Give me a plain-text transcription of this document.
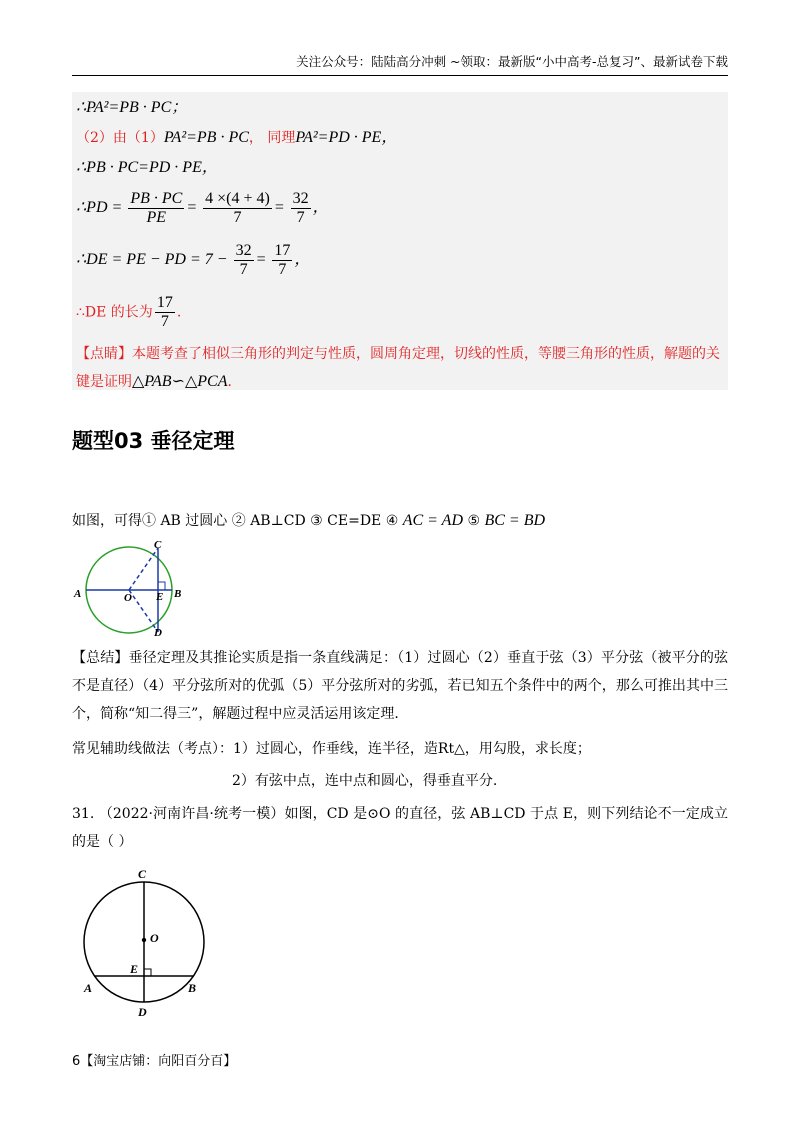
关注公众号：陆陆高分冲刺 ~领取：最新版“小中高考-总复习”、最新试卷下载
∴PA²=PB · PC；
（2）由（1）PA²=PB · PC， 同理PA²=PD · PE，
∴PB · PC=PD · PE，
∴PD = $\frac{PB \cdot PC}{PE} = \frac{4 \times(4 + 4)}{7} = \frac{32}{7}$ ，
∴DE = PE − PD = $7 - \frac{32}{7} = \frac{17}{7}$ ，
∴DE 的长为 $\frac{17}{7}$ .
【点睛】本题考查了相似三角形的判定与性质，圆周角定理，切线的性质，等腰三角形的性质，解题的关键是证明△PAB∽△PCA．
题型03 垂径定理
如图，可得① AB 过圆心 ② AB⊥CD ③ CE=DE ④ AC = AD ⑤ BC = BD
A	O E B
C
D
【总结】垂径定理及其推论实质是指一条直线满足：（1）过圆心（2）垂直于弦（3）平分弦（被平分的弦不是直径）（4）平分弦所对的优弧（5）平分弦所对的劣弧，若已知五个条件中的两个，那么可推出其中三个，简称“知二得三”，解题过程中应灵活运用该定理.
常见辅助线做法（考点）：1）过圆心，作垂线，连半径，造Rt△，用勾股，求长度；
2）有弦中点，连中点和圆心，得垂直平分.
31. （2022·河南许昌·统考一模）如图，CD 是⊙O 的直径，弦 AB⊥CD 于点 E，则下列结论不一定成立的是（ ）
C
O
E
A	B
D
6【淘宝店铺：向阳百分百】
